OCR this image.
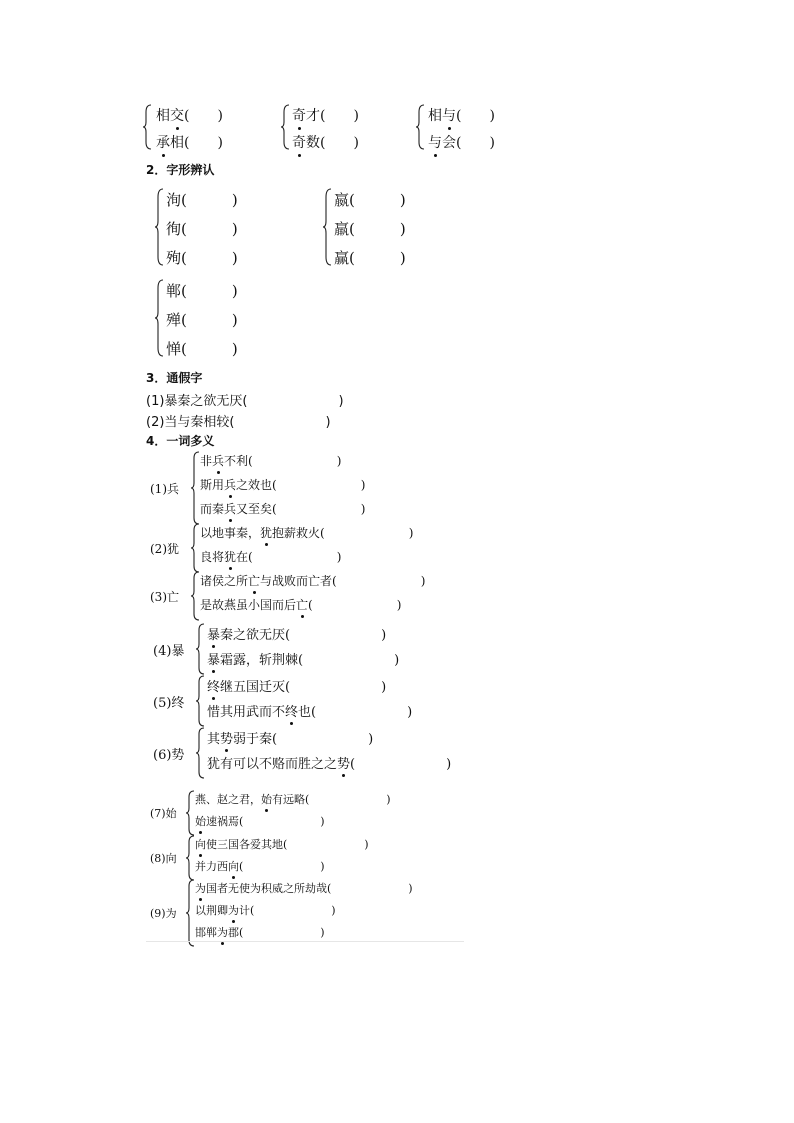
相交(　　)
承相(　　)
奇才(　　)
奇数(　　)
相与(　　)
与会(　　)
2．字形辨认
洵(　　　)
徇(　　　)
殉(　　　)
嬴(　　　)
羸(　　　)
赢(　　　)
郸(　　　)
殚(　　　)
惮(　　　)
3．通假字
(1)暴秦之欲无厌(　　　　　　　)
(2)当与秦相较(　　　　　　　)
4．一词多义
(1)兵
非兵不利(　　　　　　　)
斯用兵之效也(　　　　　　　)
而秦兵又至矣(　　　　　　　)
(2)犹
以地事秦，犹抱薪救火(　　　　　　　)
良将犹在(　　　　　　　)
(3)亡
诸侯之所亡与战败而亡者(　　　　　　　)
是故燕虽小国而后亡(　　　　　　　)
(4)暴
暴秦之欲无厌(　　　　　　　)
暴霜露，斩荆棘(　　　　　　　)
(5)终
终继五国迁灭(　　　　　　　)
惜其用武而不终也(　　　　　　　)
(6)势
其势弱于秦(　　　　　　　)
犹有可以不赂而胜之之势(　　　　　　　)
(7)始
燕、赵之君，始有远略(　　　　　　　)
始速祸焉(　　　　　　　)
(8)向
向使三国各爱其地(　　　　　　　)
并力西向(　　　　　　　)
(9)为
为国者无使为积威之所劫哉(　　　　　　　)
以荆卿为计(　　　　　　　)
邯郸为郡(　　　　　　　)
